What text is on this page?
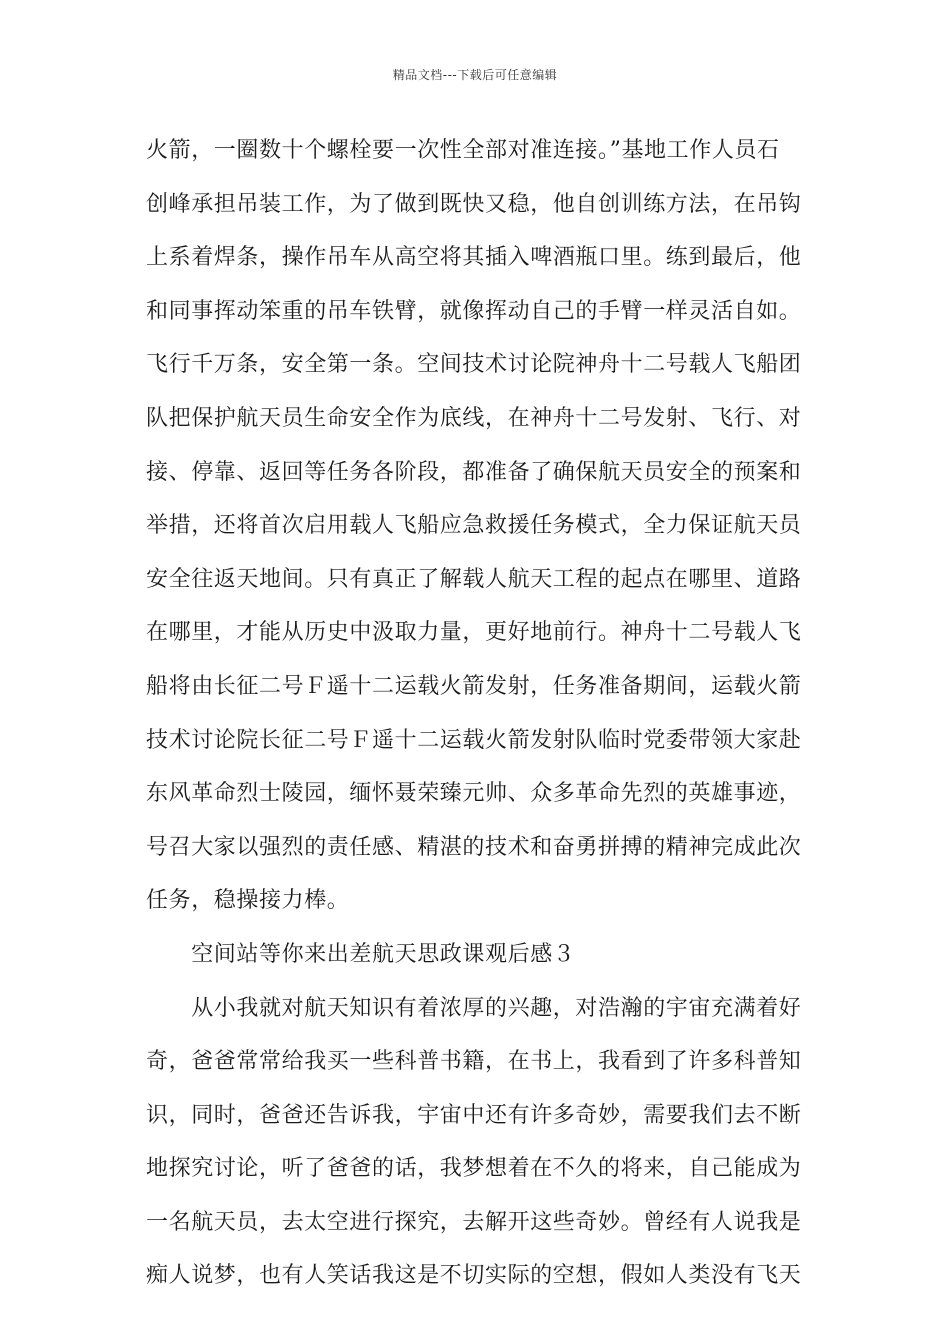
精品文档---下载后可任意编辑
火箭，一圈数十个螺栓要一次性全部对准连接。”基地工作人员石
创峰承担吊装工作，为了做到既快又稳，他自创训练方法，在吊钩
上系着焊条，操作吊车从高空将其插入啤酒瓶口里。练到最后，他
和同事挥动笨重的吊车铁臂，就像挥动自己的手臂一样灵活自如。
飞行千万条，安全第一条。空间技术讨论院神舟十二号载人飞船团
队把保护航天员生命安全作为底线，在神舟十二号发射、飞行、对
接、停靠、返回等任务各阶段，都准备了确保航天员安全的预案和
举措，还将首次启用载人飞船应急救援任务模式，全力保证航天员
安全往返天地间。只有真正了解载人航天工程的起点在哪里、道路
在哪里，才能从历史中汲取力量，更好地前行。神舟十二号载人飞
船将由长征二号Ｆ遥十二运载火箭发射，任务准备期间，运载火箭
技术讨论院长征二号Ｆ遥十二运载火箭发射队临时党委带领大家赴
东风革命烈士陵园，缅怀聂荣臻元帅、众多革命先烈的英雄事迹，
号召大家以强烈的责任感、精湛的技术和奋勇拼搏的精神完成此次
任务，稳操接力棒。
　　空间站等你来出差航天思政课观后感３
　　从小我就对航天知识有着浓厚的兴趣，对浩瀚的宇宙充满着好
奇，爸爸常常给我买一些科普书籍，在书上，我看到了许多科普知
识，同时，爸爸还告诉我，宇宙中还有许多奇妙，需要我们去不断
地探究讨论，听了爸爸的话，我梦想着在不久的将来，自己能成为
一名航天员，去太空进行探究，去解开这些奇妙。曾经有人说我是
痴人说梦，也有人笑话我这是不切实际的空想，假如人类没有飞天
